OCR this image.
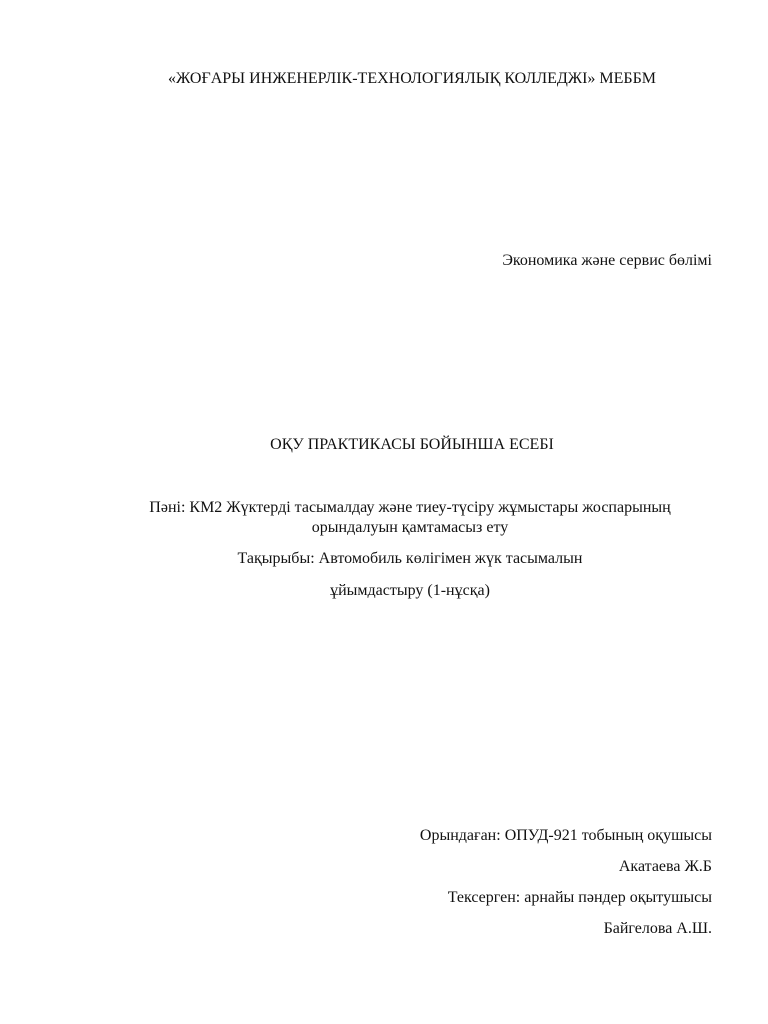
«ЖОҒАРЫ ИНЖЕНЕРЛІК-ТЕХНОЛОГИЯЛЫҚ КОЛЛЕДЖІ» МЕББМ
Экономика және сервис бөлімі
ОҚУ ПРАКТИКАСЫ БОЙЫНША ЕСЕБІ
Пәні: КМ2 Жүктерді тасымалдау және тиеу-түсіру жұмыстары жоспарының
орындалуын қамтамасыз ету
Тақырыбы: Автомобиль көлігімен жүк тасымалын
ұйымдастыру (1-нұсқа)
Орындаған: ОПУД-921 тобының оқушысы
Акатаева Ж.Б
Тексерген: арнайы пәндер оқытушысы
Байгелова А.Ш.
